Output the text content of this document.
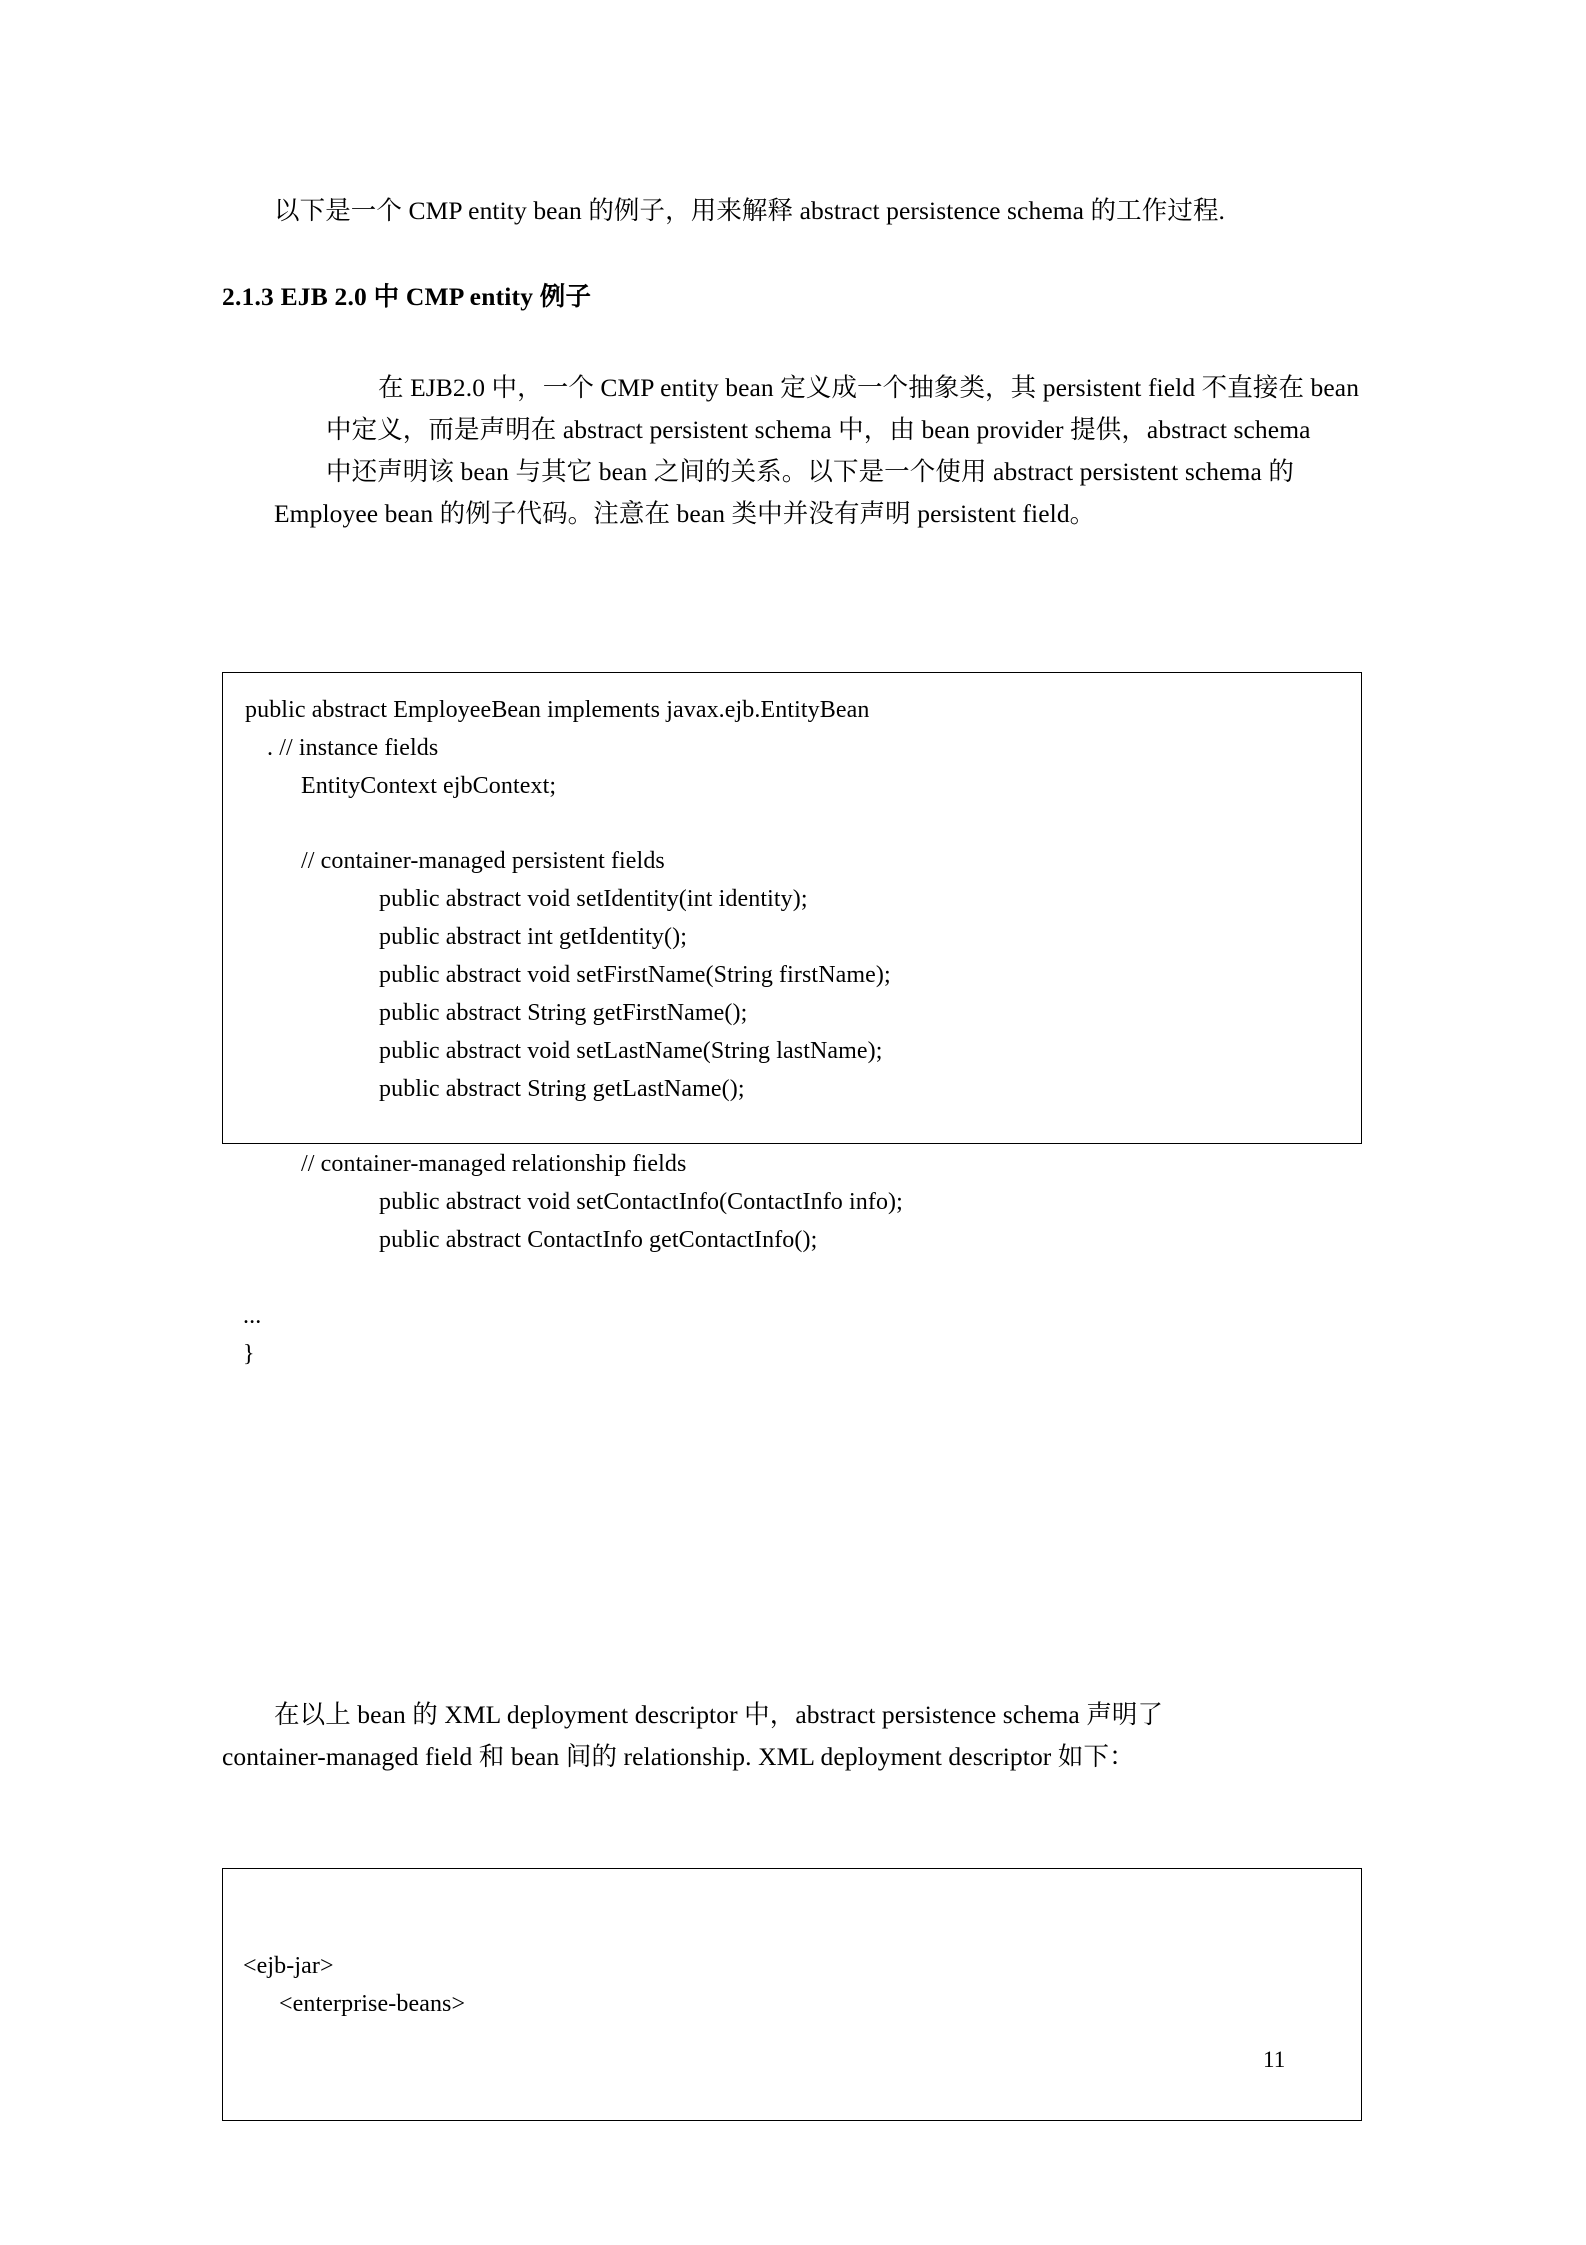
以下是一个 CMP entity bean 的例子，用来解释 abstract persistence schema 的工作过程.
2.1.3 EJB 2.0 中 CMP entity 例子
在 EJB2.0 中，一个 CMP entity bean 定义成一个抽象类，其 persistent field 不直接在 bean
中定义，而是声明在 abstract persistent schema 中，由 bean provider 提供，abstract schema
中还声明该 bean 与其它 bean 之间的关系。以下是一个使用 abstract persistent schema 的
Employee bean 的例子代码。注意在 bean 类中并没有声明 persistent field。
public abstract EmployeeBean implements javax.ejb.EntityBean
. // instance fields
EntityContext ejbContext;
// container-managed persistent fields
public abstract void setIdentity(int identity);
public abstract int getIdentity();
public abstract void setFirstName(String firstName);
public abstract String getFirstName();
public abstract void setLastName(String lastName);
public abstract String getLastName();
// container-managed relationship fields
public abstract void setContactInfo(ContactInfo info);
public abstract ContactInfo getContactInfo();
...
}
在以上 bean 的 XML deployment descriptor 中，abstract persistence schema 声明了
container-managed field 和 bean 间的 relationship. XML deployment descriptor 如下：
<ejb-jar>
<enterprise-beans>
11
